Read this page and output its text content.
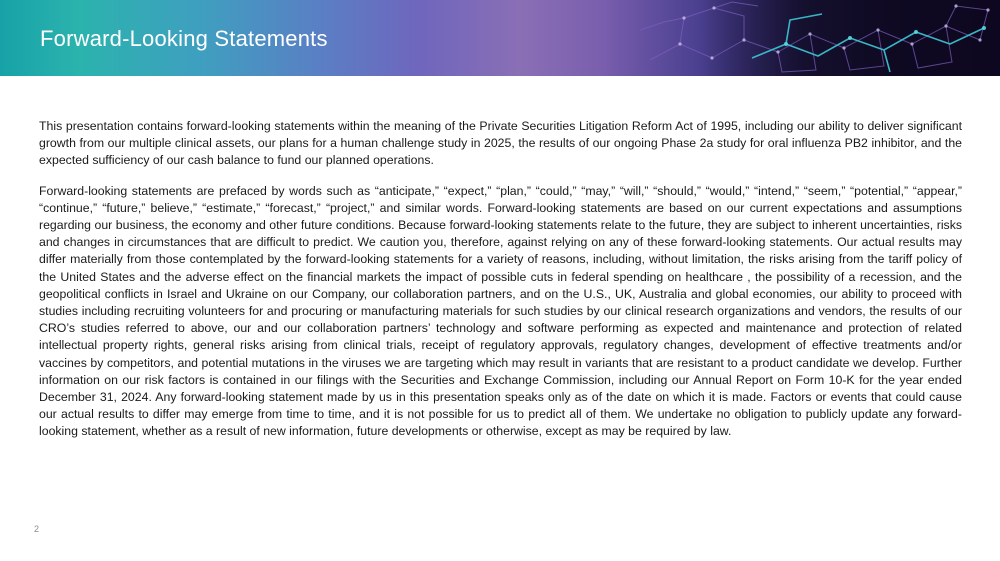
Forward-Looking Statements

This presentation contains forward-looking statements within the meaning of the Private Securities Litigation Reform Act of 1995, including our ability to deliver significant growth from our multiple clinical assets, our plans for a human challenge study in 2025, the results of our ongoing Phase 2a study for oral influenza PB2 inhibitor, and the expected sufficiency of our cash balance to fund our planned operations.

Forward-looking statements are prefaced by words such as “anticipate,” “expect,” “plan,” “could,” “may,” “will,” “should,” “would,” “intend,” “seem,” “potential,” “appear,” “continue,” “future,” believe,” “estimate,” “forecast,” “project,” and similar words. Forward-looking statements are based on our current expectations and assumptions regarding our business, the economy and other future conditions. Because forward-looking statements relate to the future, they are subject to inherent uncertainties, risks and changes in circumstances that are difficult to predict. We caution you, therefore, against relying on any of these forward-looking statements. Our actual results may differ materially from those contemplated by the forward-looking statements for a variety of reasons, including, without limitation, the risks arising from the tariff policy of the United States and the adverse effect on the financial markets the impact of possible cuts in federal spending on healthcare , the possibility of a recession, and the geopolitical conflicts in Israel and Ukraine on our Company, our collaboration partners, and on the U.S., UK, Australia and global economies, our ability to proceed with studies including recruiting volunteers for and procuring or manufacturing materials for such studies by our clinical research organizations and vendors, the results of our CRO’s studies referred to above, our and our collaboration partners’ technology and software performing as expected and maintenance and protection of related intellectual property rights, general risks arising from clinical trials, receipt of regulatory approvals, regulatory changes, development of effective treatments and/or vaccines by competitors, and potential mutations in the viruses we are targeting which may result in variants that are resistant to a product candidate we develop. Further information on our risk factors is contained in our filings with the Securities and Exchange Commission, including our Annual Report on Form 10-K for the year ended December 31, 2024. Any forward-looking statement made by us in this presentation speaks only as of the date on which it is made. Factors or events that could cause our actual results to differ may emerge from time to time, and it is not possible for us to predict all of them. We undertake no obligation to publicly update any forward-looking statement, whether as a result of new information, future developments or otherwise, except as may be required by law.

2
